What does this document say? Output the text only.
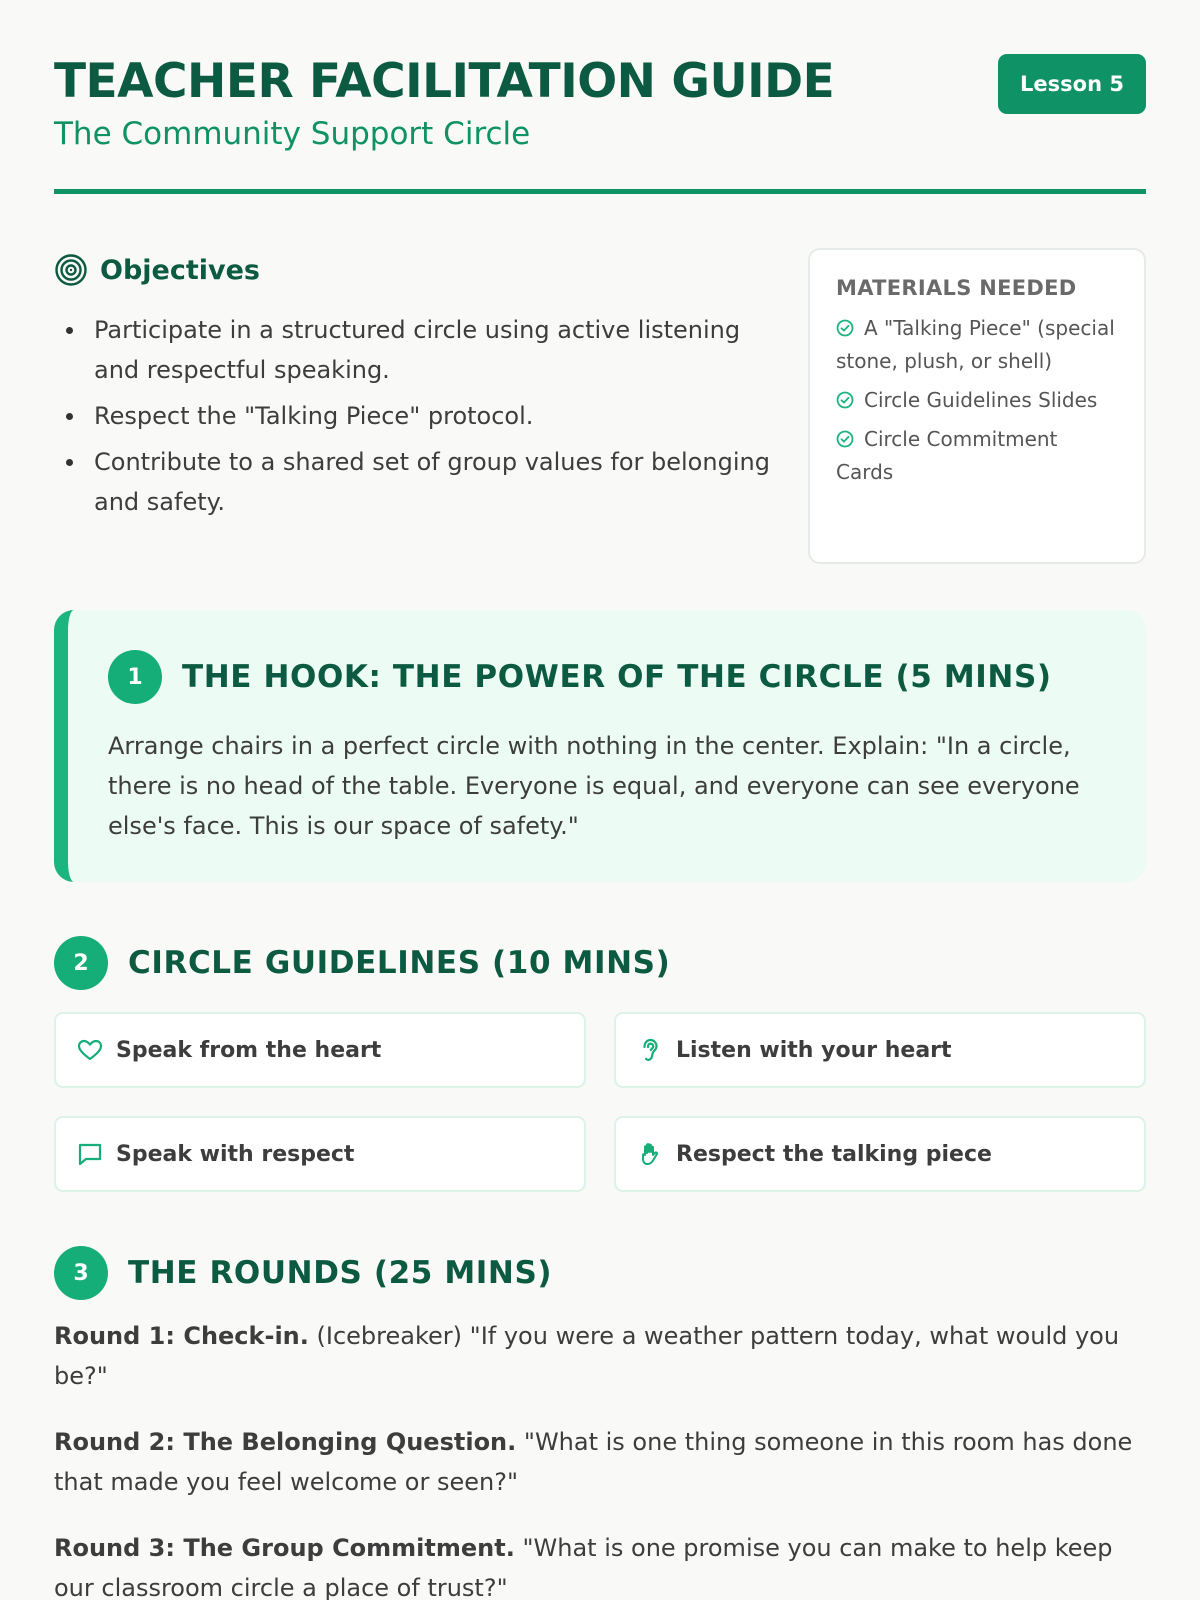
TEACHER FACILITATION GUIDE
The Community Support Circle
Lesson 5
Objectives
Participate in a structured circle using active listening and respectful speaking.
Respect the "Talking Piece" protocol.
Contribute to a shared set of group values for belonging and safety.
MATERIALS NEEDED
A "Talking Piece" (special stone, plush, or shell)
Circle Guidelines Slides
Circle Commitment Cards
1	THE HOOK: THE POWER OF THE CIRCLE (5 MINS)

Arrange chairs in a perfect circle with nothing in the center. Explain: "In a circle, there is no head of the table. Everyone is equal, and everyone can see everyone else's face. This is our space of safety."

2	CIRCLE GUIDELINES (10 MINS)
Speak from the heart	Listen with your heart
Speak with respect	Respect the talking piece
3	THE ROUNDS (25 MINS)

Round 1: Check-in. (Icebreaker) "If you were a weather pattern today, what would you be?"

Round 2: The Belonging Question. "What is one thing someone in this room has done that made you feel welcome or seen?"

Round 3: The Group Commitment. "What is one promise you can make to help keep our classroom circle a place of trust?"
